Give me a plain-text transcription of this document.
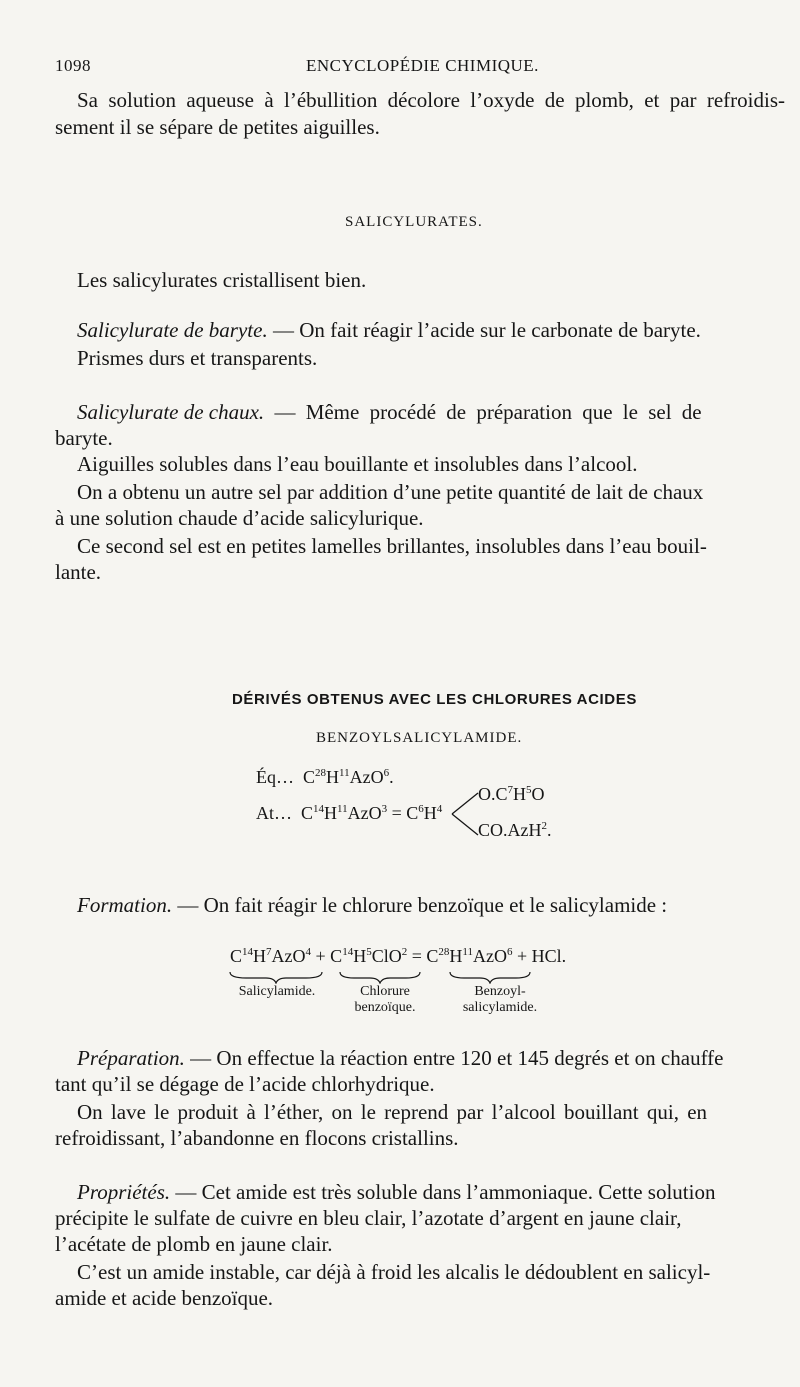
1098	ENCYCLOPÉDIE CHIMIQUE.
Sa solution aqueuse à l’ébullition décolore l’oxyde de plomb, et par refroidis-
sement il se sépare de petites aiguilles.
SALICYLURATES.
Les salicylurates cristallisent bien.
Salicylurate de baryte. — On fait réagir l’acide sur le carbonate de baryte.
Prismes durs et transparents.
Salicylurate de chaux. — Même procédé de préparation que le sel de
baryte.
Aiguilles solubles dans l’eau bouillante et insolubles dans l’alcool.
On a obtenu un autre sel par addition d’une petite quantité de lait de chaux
à une solution chaude d’acide salicylurique.
Ce second sel est en petites lamelles brillantes, insolubles dans l’eau bouil-
lante.
DÉRIVÉS OBTENUS AVEC LES CHLORURES ACIDES
BENZOYLSALICYLAMIDE.
Éq…  $C^{28}H^{11}AzO^6$.
At…  $C^{14}H^{11}AzO^3 = C^6H^4$
$O.C^7H^5O$
CO.AzH$^2$.
Formation. — On fait réagir le chlorure benzoïque et le salicylamide :
$C^{14}H^7AzO^4 + C^{14}H^5ClO^2 = C^{28}H^{11}AzO^6$ + HCl.
Salicylamide.	Chlorure
benzoïque.
Benzoyl-
salicylamide.
Préparation. — On effectue la réaction entre 120 et 145 degrés et on chauffe
tant qu’il se dégage de l’acide chlorhydrique.
On lave le produit à l’éther, on le reprend par l’alcool bouillant qui, en
refroidissant, l’abandonne en flocons cristallins.
Propriétés. — Cet amide est très soluble dans l’ammoniaque. Cette solution
précipite le sulfate de cuivre en bleu clair, l’azotate d’argent en jaune clair,
l’acétate de plomb en jaune clair.
C’est un amide instable, car déjà à froid les alcalis le dédoublent en salicyl-
amide et acide benzoïque.
